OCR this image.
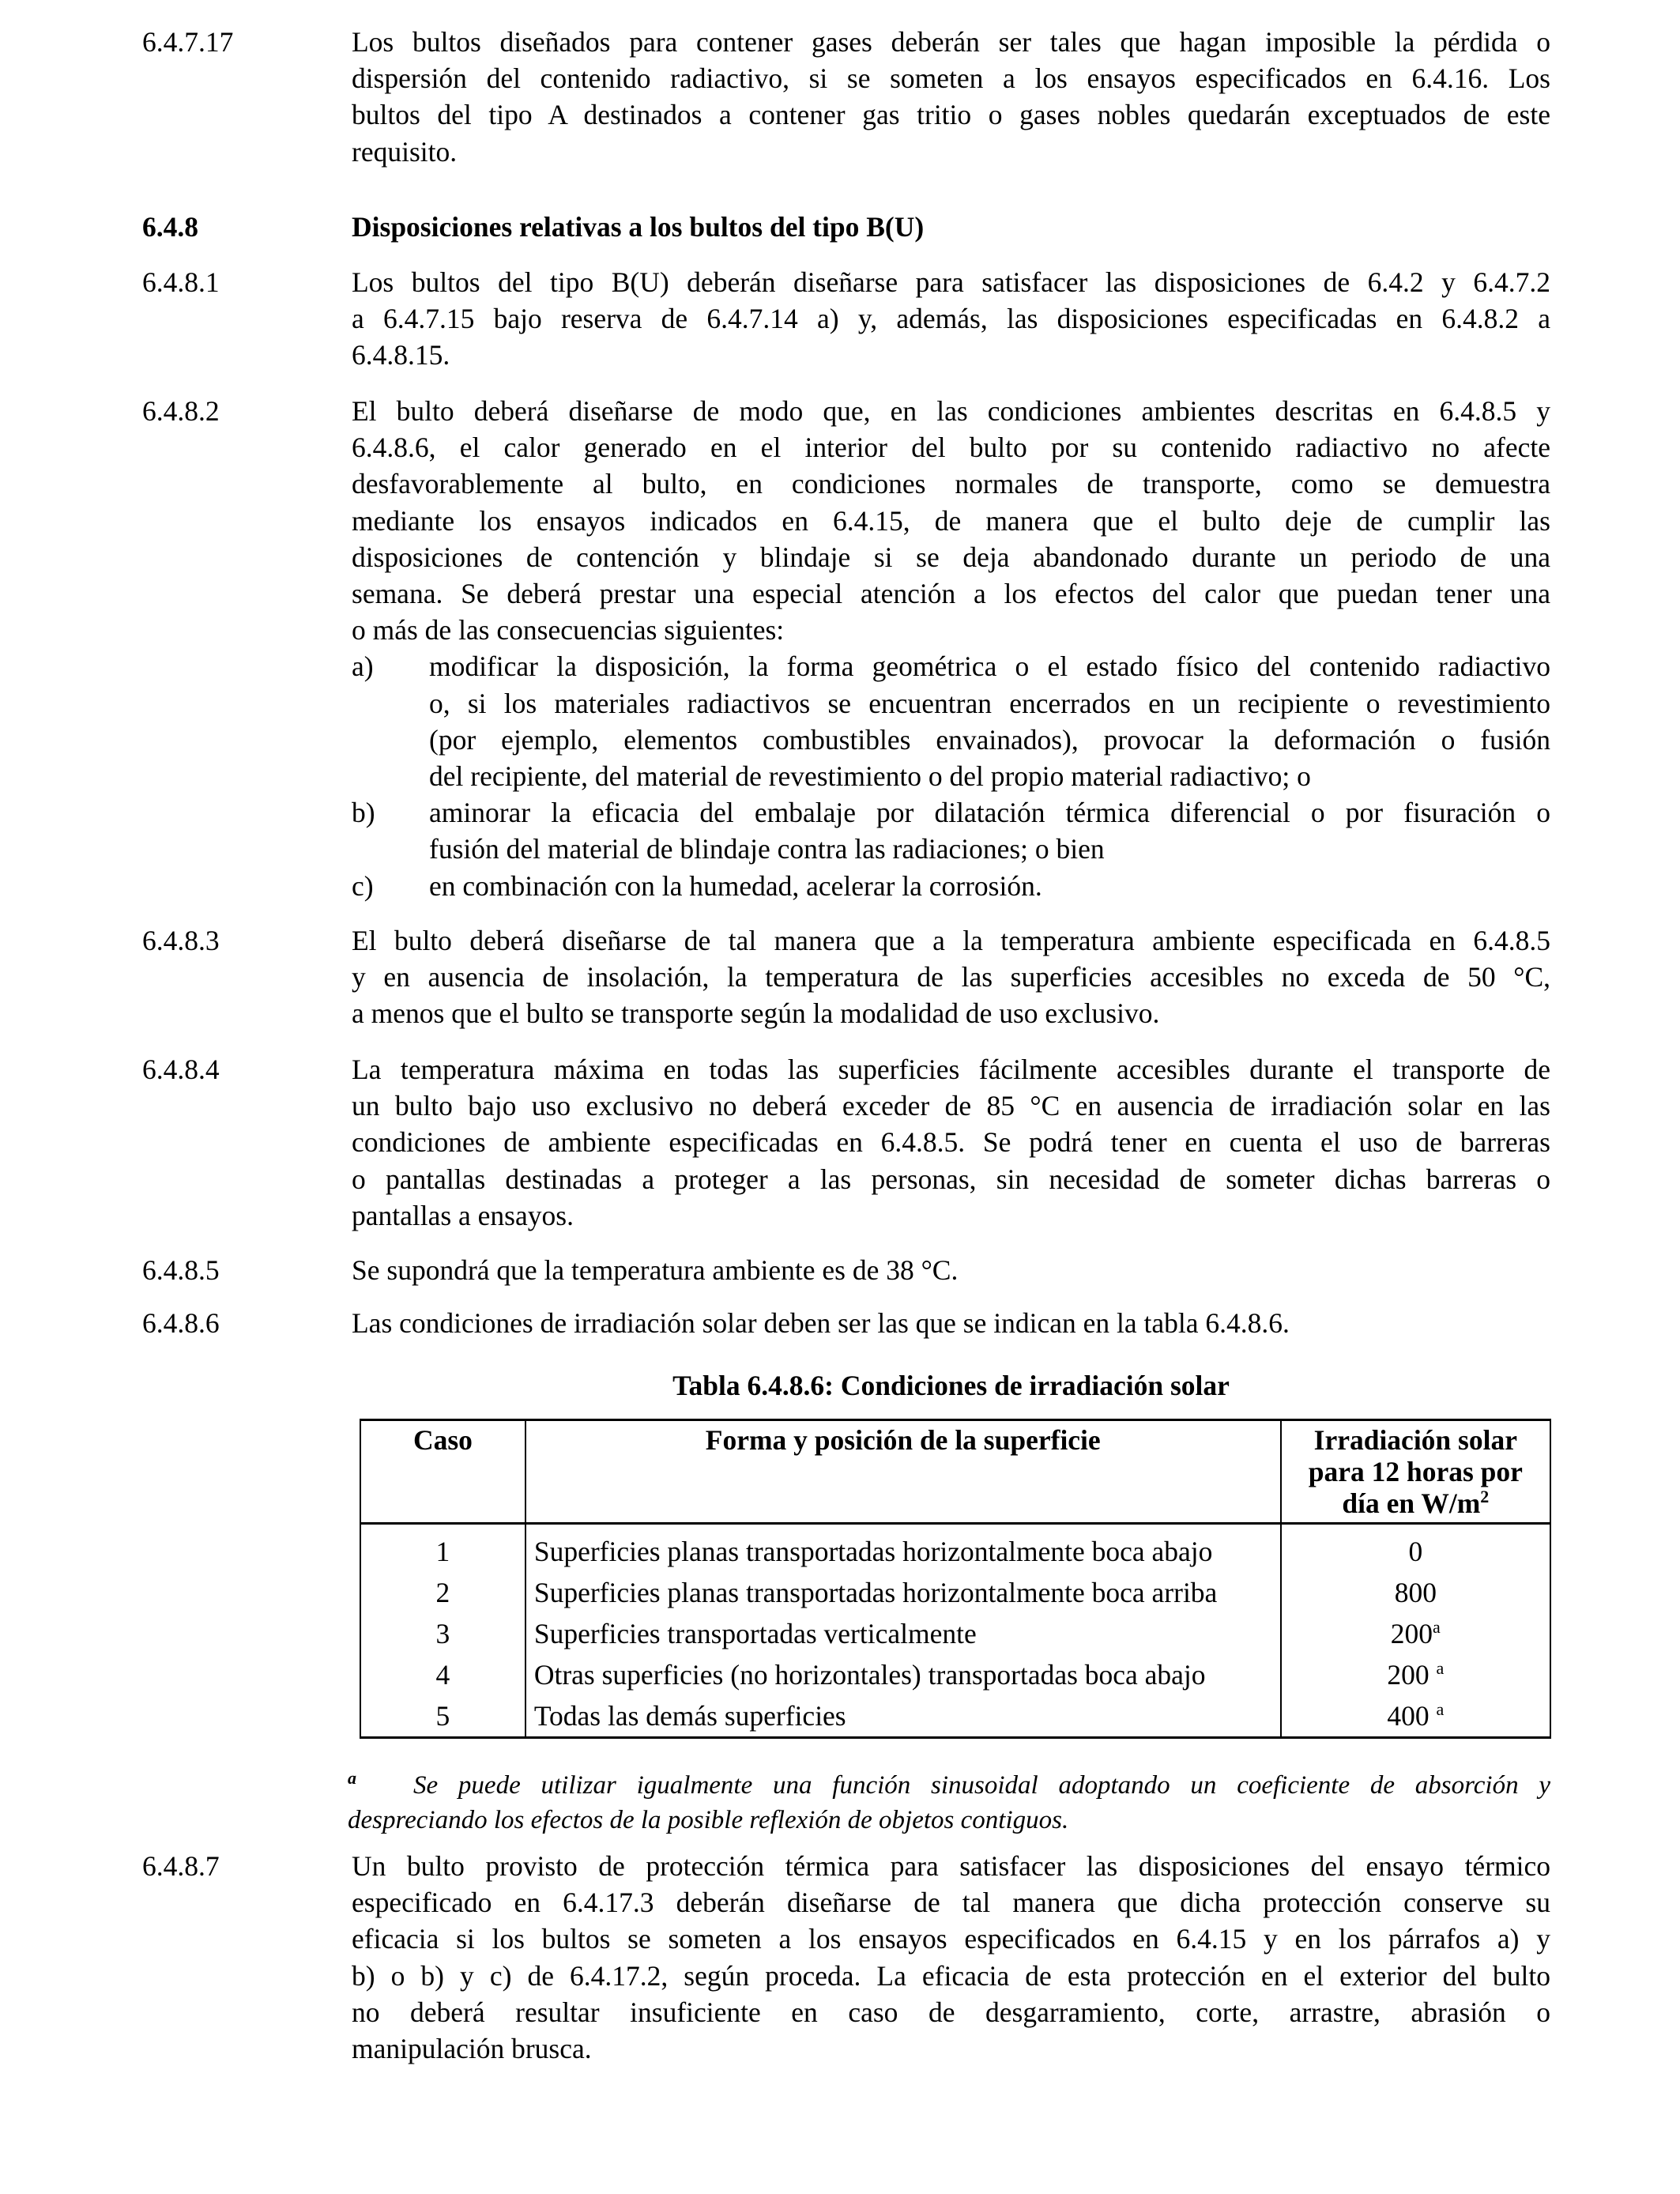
6.4.7.17	Los bultos diseñados para contener gases deberán ser tales que hagan imposible la pérdida o
dispersión del contenido radiactivo, si se someten a los ensayos especificados en 6.4.16. Los
bultos del tipo A destinados a contener gas tritio o gases nobles quedarán exceptuados de este
requisito.
6.4.8	Disposiciones relativas a los bultos del tipo B(U)
6.4.8.1	Los bultos del tipo B(U) deberán diseñarse para satisfacer las disposiciones de 6.4.2 y 6.4.7.2
a 6.4.7.15 bajo reserva de 6.4.7.14 a) y, además, las disposiciones especificadas en 6.4.8.2 a
6.4.8.15.
6.4.8.2	El bulto deberá diseñarse de modo que, en las condiciones ambientes descritas en 6.4.8.5 y
6.4.8.6, el calor generado en el interior del bulto por su contenido radiactivo no afecte
desfavorablemente al bulto, en condiciones normales de transporte, como se demuestra
mediante los ensayos indicados en 6.4.15, de manera que el bulto deje de cumplir las
disposiciones de contención y blindaje si se deja abandonado durante un periodo de una
semana. Se deberá prestar una especial atención a los efectos del calor que puedan tener una
o más de las consecuencias siguientes:
a) modificar la disposición, la forma geométrica o el estado físico del contenido radiactivo
o, si los materiales radiactivos se encuentran encerrados en un recipiente o revestimiento
(por ejemplo, elementos combustibles envainados), provocar la deformación o fusión
del recipiente, del material de revestimiento o del propio material radiactivo; o
b) aminorar la eficacia del embalaje por dilatación térmica diferencial o por fisuración o
fusión del material de blindaje contra las radiaciones; o bien
c) en combinación con la humedad, acelerar la corrosión.
6.4.8.3	El bulto deberá diseñarse de tal manera que a la temperatura ambiente especificada en 6.4.8.5
y en ausencia de insolación, la temperatura de las superficies accesibles no exceda de 50 °C,
a menos que el bulto se transporte según la modalidad de uso exclusivo.
6.4.8.4	La temperatura máxima en todas las superficies fácilmente accesibles durante el transporte de
un bulto bajo uso exclusivo no deberá exceder de 85 °C en ausencia de irradiación solar en las
condiciones de ambiente especificadas en 6.4.8.5. Se podrá tener en cuenta el uso de barreras
o pantallas destinadas a proteger a las personas, sin necesidad de someter dichas barreras o
pantallas a ensayos.
6.4.8.5	Se supondrá que la temperatura ambiente es de 38 °C.
6.4.8.6	Las condiciones de irradiación solar deben ser las que se indican en la tabla 6.4.8.6.
Tabla 6.4.8.6: Condiciones de irradiación solar
Caso	Forma y posición de la superficie	Irradiación solar
para 12 horas por
día en $W/m^2$
1	Superficies planas transportadas horizontalmente boca abajo	0
2	Superficies planas transportadas horizontalmente boca arriba	800
3	Superficies transportadas verticalmente	200$^a$
4	Otras superficies (no horizontales) transportadas boca abajo	200 $^a$
5	Todas las demás superficies	400 $^a$
$^a$ Se puede utilizar igualmente una función sinusoidal adoptando un coeficiente de absorción y
despreciando los efectos de la posible reflexión de objetos contiguos.
6.4.8.7	Un bulto provisto de protección térmica para satisfacer las disposiciones del ensayo térmico
especificado en 6.4.17.3 deberán diseñarse de tal manera que dicha protección conserve su
eficacia si los bultos se someten a los ensayos especificados en 6.4.15 y en los párrafos a) y
b) o b) y c) de 6.4.17.2, según proceda. La eficacia de esta protección en el exterior del bulto
no deberá resultar insuficiente en caso de desgarramiento, corte, arrastre, abrasión o
manipulación brusca.
